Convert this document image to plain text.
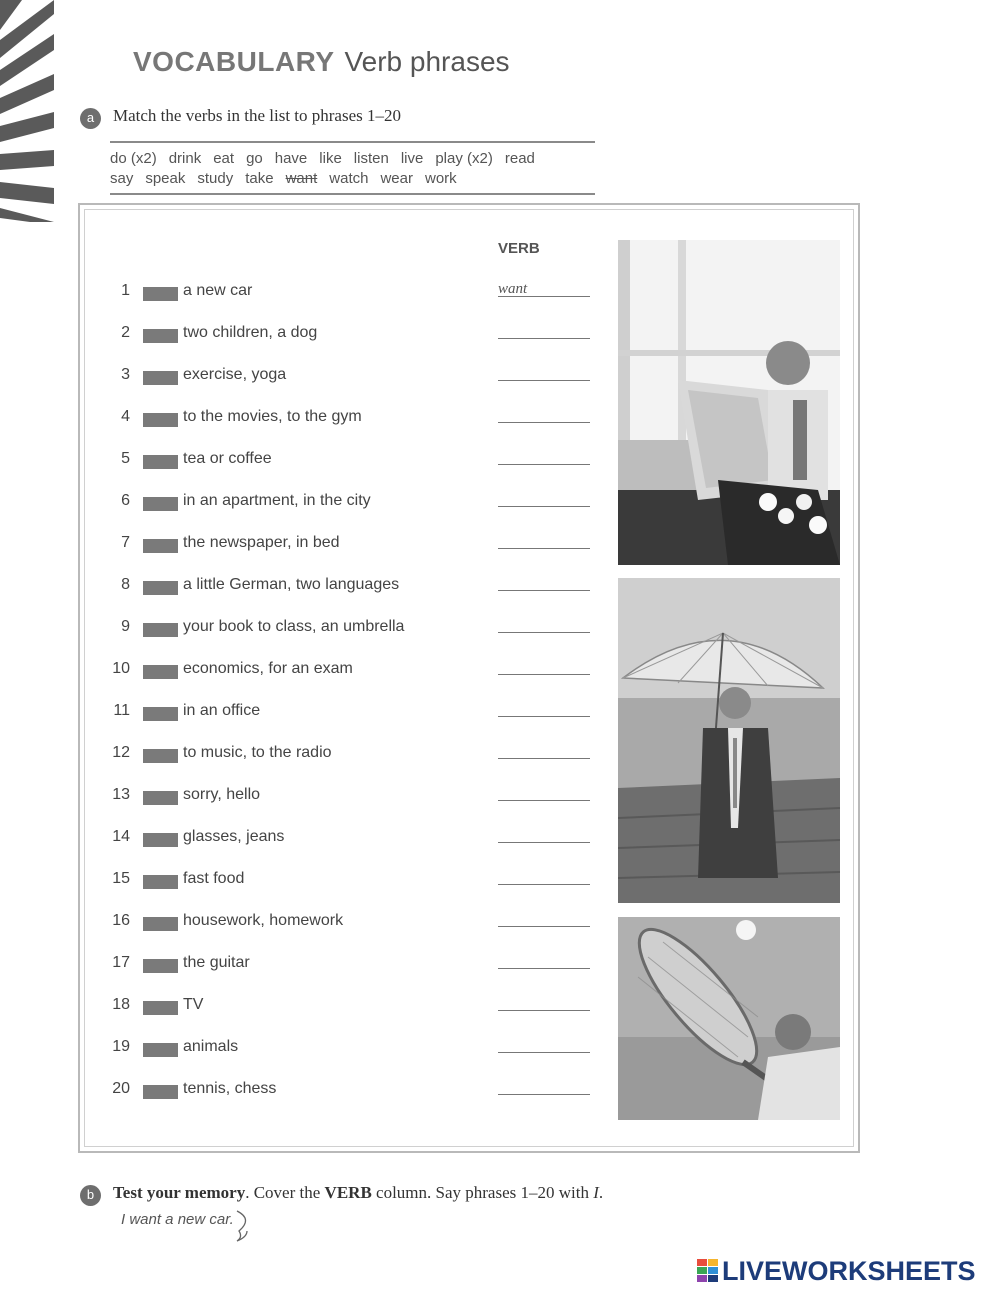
VOCABULARY Verb phrases
a	Match the verbs in the list to phrases 1–20
do (x2) drink eat go have like listen live play (x2) read
say speak study take want watch wear work
VERB
1	a new car	want
2	two children, a dog
3	exercise, yoga
4	to the movies, to the gym
5	tea or coffee
6	in an apartment, in the city
7	the newspaper, in bed
8	a little German, two languages
9	your book to class, an umbrella
10	economics, for an exam
11	in an office
12	to music, to the radio
13	sorry, hello
14	glasses, jeans
15	fast food
16	housework, homework
17	the guitar
18	TV
19	animals
20	tennis, chess
b	Test your memory. Cover the VERB column. Say phrases 1–20 with I.
I want a new car.
LIVEWORKSHEETS
